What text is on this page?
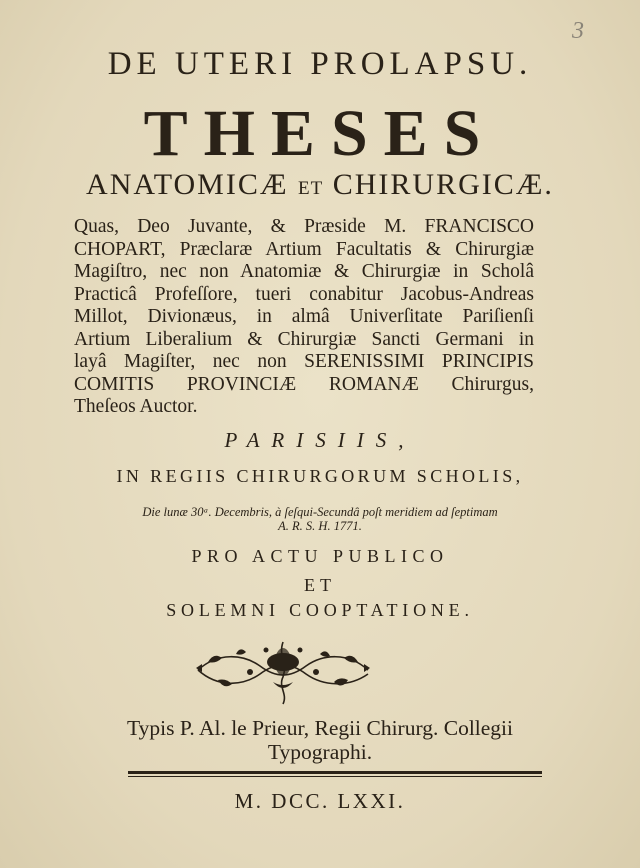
3
DE UTERI PROLAPSU.
THESES
ANATOMICÆ ET CHIRURGICÆ.
Quas, Deo Juvante, & Præside M. FRANCISCO
CHOPART, Præclaræ Artium Facultatis & Chirurgiæ
Magiſtro, nec non Anatomiæ & Chirurgiæ in Scholâ
Practicâ Profeſſore, tueri conabitur Jacobus-Andreas
Millot, Divionæus, in almâ Univerſitate Pariſienſi
Artium Liberalium & Chirurgiæ Sancti Germani in
layâ Magiſter, nec non SERENISSIMI PRINCIPIS
COMITIS PROVINCIÆ ROMANÆ Chirurgus,
Theſeos Auctor.
PARISIIS,
IN REGIIS CHIRURGORUM SCHOLIS,
Die lunæ 30ᵃ. Decembris, à ſeſqui-Secundâ poſt meridiem ad ſeptimam
A. R. S. H. 1771.
PRO ACTU PUBLICO
ET
SOLEMNI COOPTATIONE.
Typis P. Al. le Prieur, Regii Chirurg. Collegii
Typographi.
M. DCC. LXXI.
